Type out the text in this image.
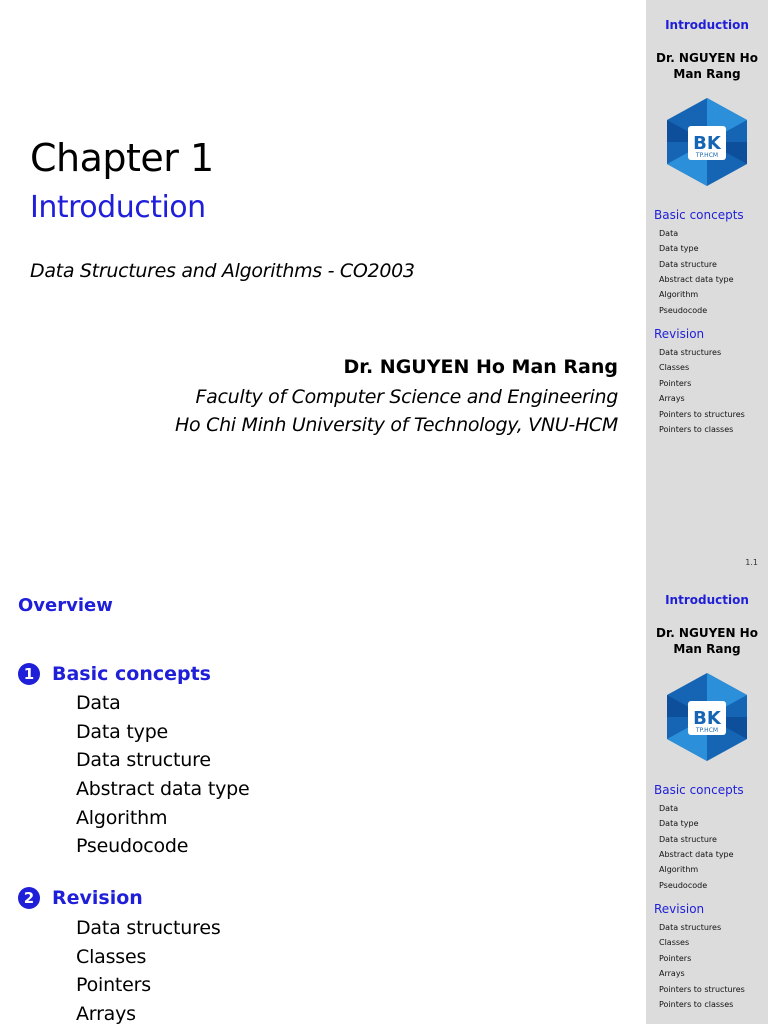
Chapter 1
Introduction
Data Structures and Algorithms - CO2003
Dr. NGUYEN Ho Man Rang
Faculty of Computer Science and Engineering
Ho Chi Minh University of Technology, VNU-HCM
Introduction
Dr. NGUYEN Ho
Man Rang
BK
TP.HCM
Basic concepts
Data
Data type
Data structure
Abstract data type
Algorithm
Pseudocode
Revision
Data structures
Classes
Pointers
Arrays
Pointers to structures
Pointers to classes
1.1
Overview
1 Basic concepts
Data
Data type
Data structure
Abstract data type
Algorithm
Pseudocode
2 Revision
Data structures
Classes
Pointers
Arrays
Introduction
Dr. NGUYEN Ho
Man Rang
BK
TP.HCM
Basic concepts
Data
Data type
Data structure
Abstract data type
Algorithm
Pseudocode
Revision
Data structures
Classes
Pointers
Arrays
Pointers to structures
Pointers to classes
